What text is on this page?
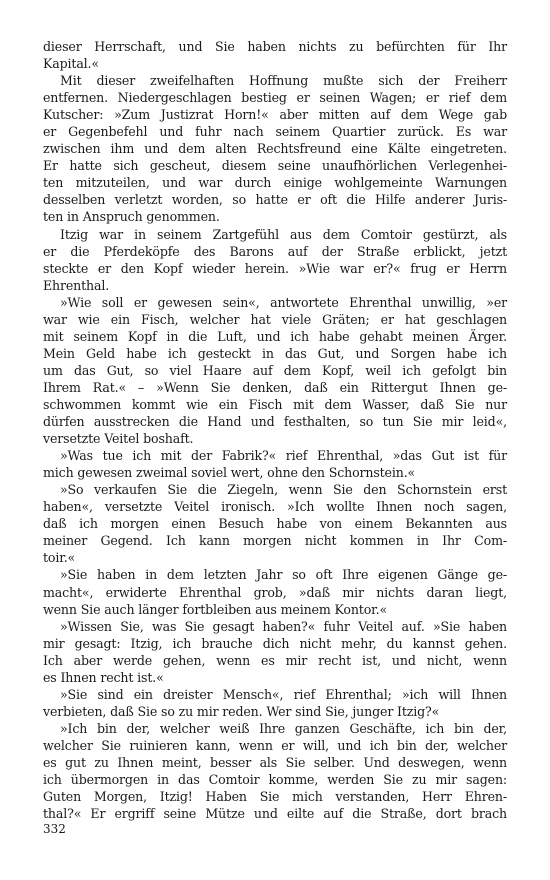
dieser Herrschaft, und Sie haben nichts zu befürchten für Ihr
Kapital.«
Mit dieser zweifelhaften Hoffnung mußte sich der Freiherr
entfernen. Niedergeschlagen bestieg er seinen Wagen; er rief dem
Kutscher: »Zum Justizrat Horn!« aber mitten auf dem Wege gab
er Gegenbefehl und fuhr nach seinem Quartier zurück. Es war
zwischen ihm und dem alten Rechtsfreund eine Kälte eingetreten.
Er hatte sich gescheut, diesem seine unaufhörlichen Verlegenhei-
ten mitzuteilen, und war durch einige wohlgemeinte Warnungen
desselben verletzt worden, so hatte er oft die Hilfe anderer Juris-
ten in Anspruch genommen.
Itzig war in seinem Zartgefühl aus dem Comtoir gestürzt, als
er die Pferdeköpfe des Barons auf der Straße erblickt, jetzt
steckte er den Kopf wieder herein. »Wie war er?« frug er Herrn
Ehrenthal.
»Wie soll er gewesen sein«, antwortete Ehrenthal unwillig, »er
war wie ein Fisch, welcher hat viele Gräten; er hat geschlagen
mit seinem Kopf in die Luft, und ich habe gehabt meinen Ärger.
Mein Geld habe ich gesteckt in das Gut, und Sorgen habe ich
um das Gut, so viel Haare auf dem Kopf, weil ich gefolgt bin
Ihrem Rat.« – »Wenn Sie denken, daß ein Rittergut Ihnen ge-
schwommen kommt wie ein Fisch mit dem Wasser, daß Sie nur
dürfen ausstrecken die Hand und festhalten, so tun Sie mir leid«,
versetzte Veitel boshaft.
»Was tue ich mit der Fabrik?« rief Ehrenthal, »das Gut ist für
mich gewesen zweimal soviel wert, ohne den Schornstein.«
»So verkaufen Sie die Ziegeln, wenn Sie den Schornstein erst
haben«, versetzte Veitel ironisch. »Ich wollte Ihnen noch sagen,
daß ich morgen einen Besuch habe von einem Bekannten aus
meiner Gegend. Ich kann morgen nicht kommen in Ihr Com-
toir.«
»Sie haben in dem letzten Jahr so oft Ihre eigenen Gänge ge-
macht«, erwiderte Ehrenthal grob, »daß mir nichts daran liegt,
wenn Sie auch länger fortbleiben aus meinem Kontor.«
»Wissen Sie, was Sie gesagt haben?« fuhr Veitel auf. »Sie haben
mir gesagt: Itzig, ich brauche dich nicht mehr, du kannst gehen.
Ich aber werde gehen, wenn es mir recht ist, und nicht, wenn
es Ihnen recht ist.«
»Sie sind ein dreister Mensch«, rief Ehrenthal; »ich will Ihnen
verbieten, daß Sie so zu mir reden. Wer sind Sie, junger Itzig?«
»Ich bin der, welcher weiß Ihre ganzen Geschäfte, ich bin der,
welcher Sie ruinieren kann, wenn er will, und ich bin der, welcher
es gut zu Ihnen meint, besser als Sie selber. Und deswegen, wenn
ich übermorgen in das Comtoir komme, werden Sie zu mir sagen:
Guten Morgen, Itzig! Haben Sie mich verstanden, Herr Ehren-
thal?« Er ergriff seine Mütze und eilte auf die Straße, dort brach
332
